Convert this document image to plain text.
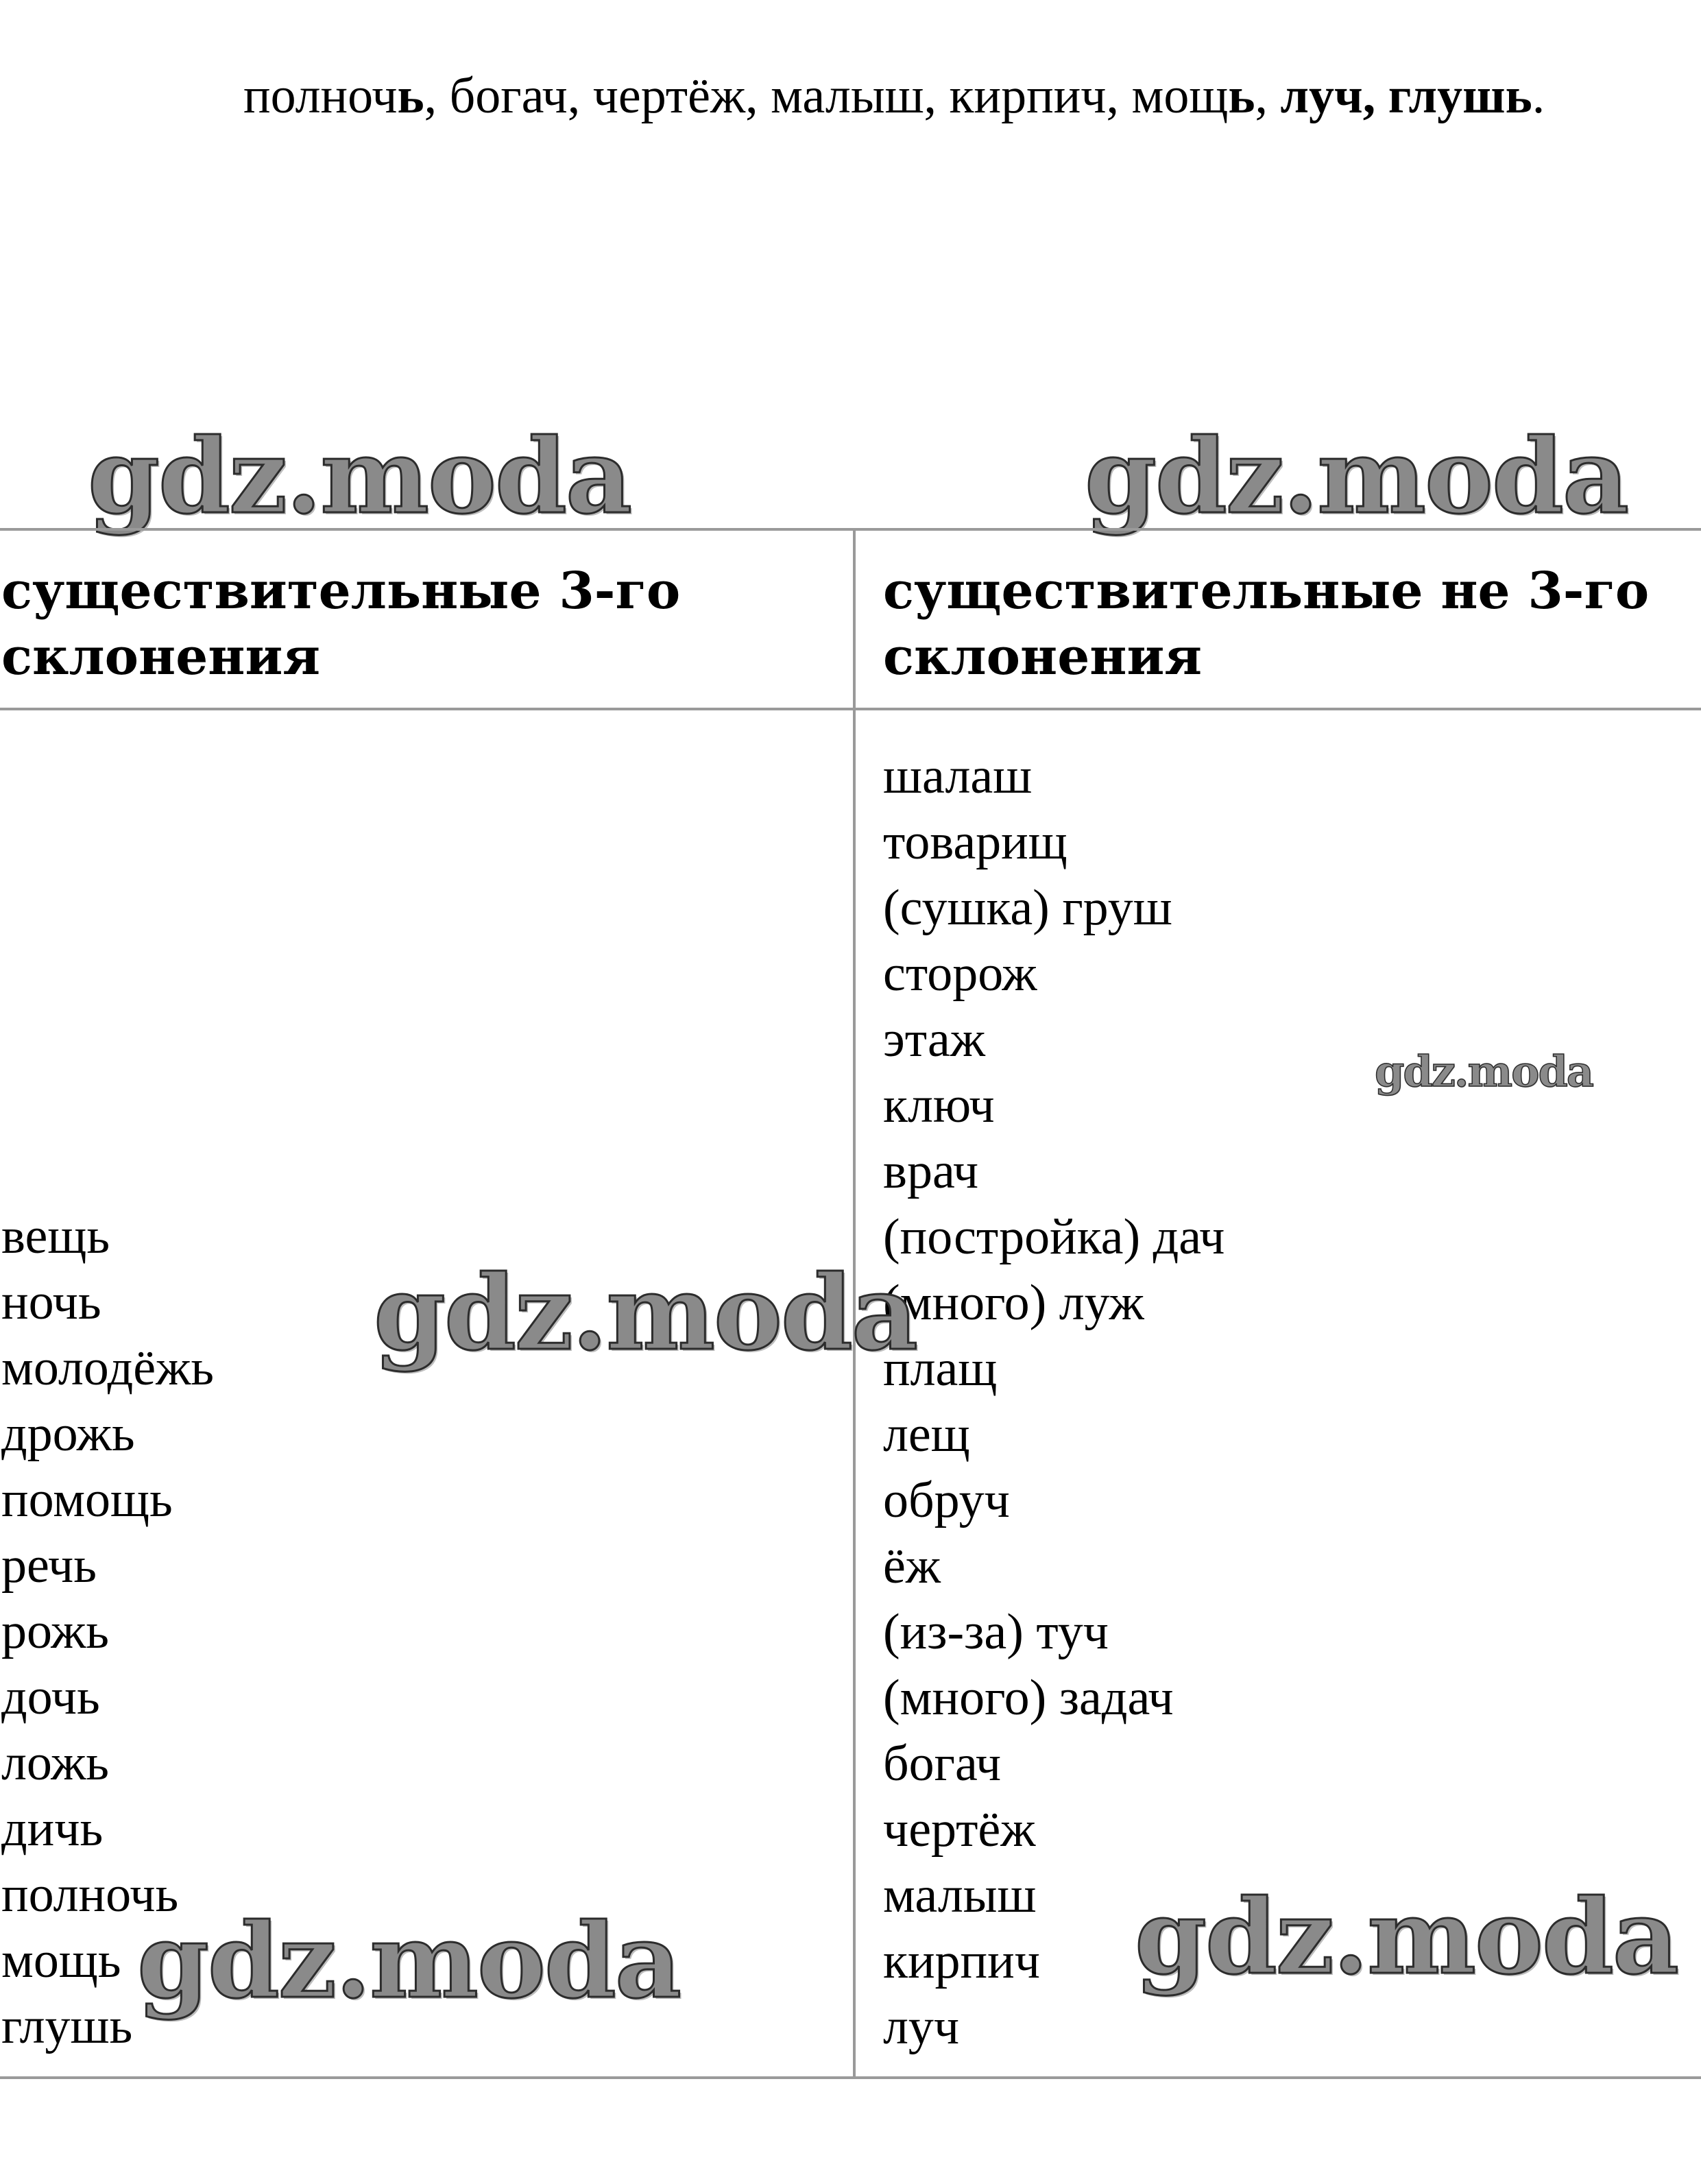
полночь, богач, чертёж, малыш, кирпич, мощь, луч, глушь.
gdz.moda	gdz.moda
существительные 3-го склонения
существительные не 3-го склонения
вещь
ночь
молодёжь
дрожь
помощь
речь
рожь
дочь
ложь
дичь
полночь
мощь
глушь
шалаш
товарищ
(сушка) груш
сторож
этаж
ключ
врач
(постройка) дач
(много) луж
плащ
лещ
обруч
ёж
(из-за) туч
(много) задач
богач
чертёж
малыш
кирпич
луч
gdz.moda
gdz.moda
gdz.moda	gdz.moda
